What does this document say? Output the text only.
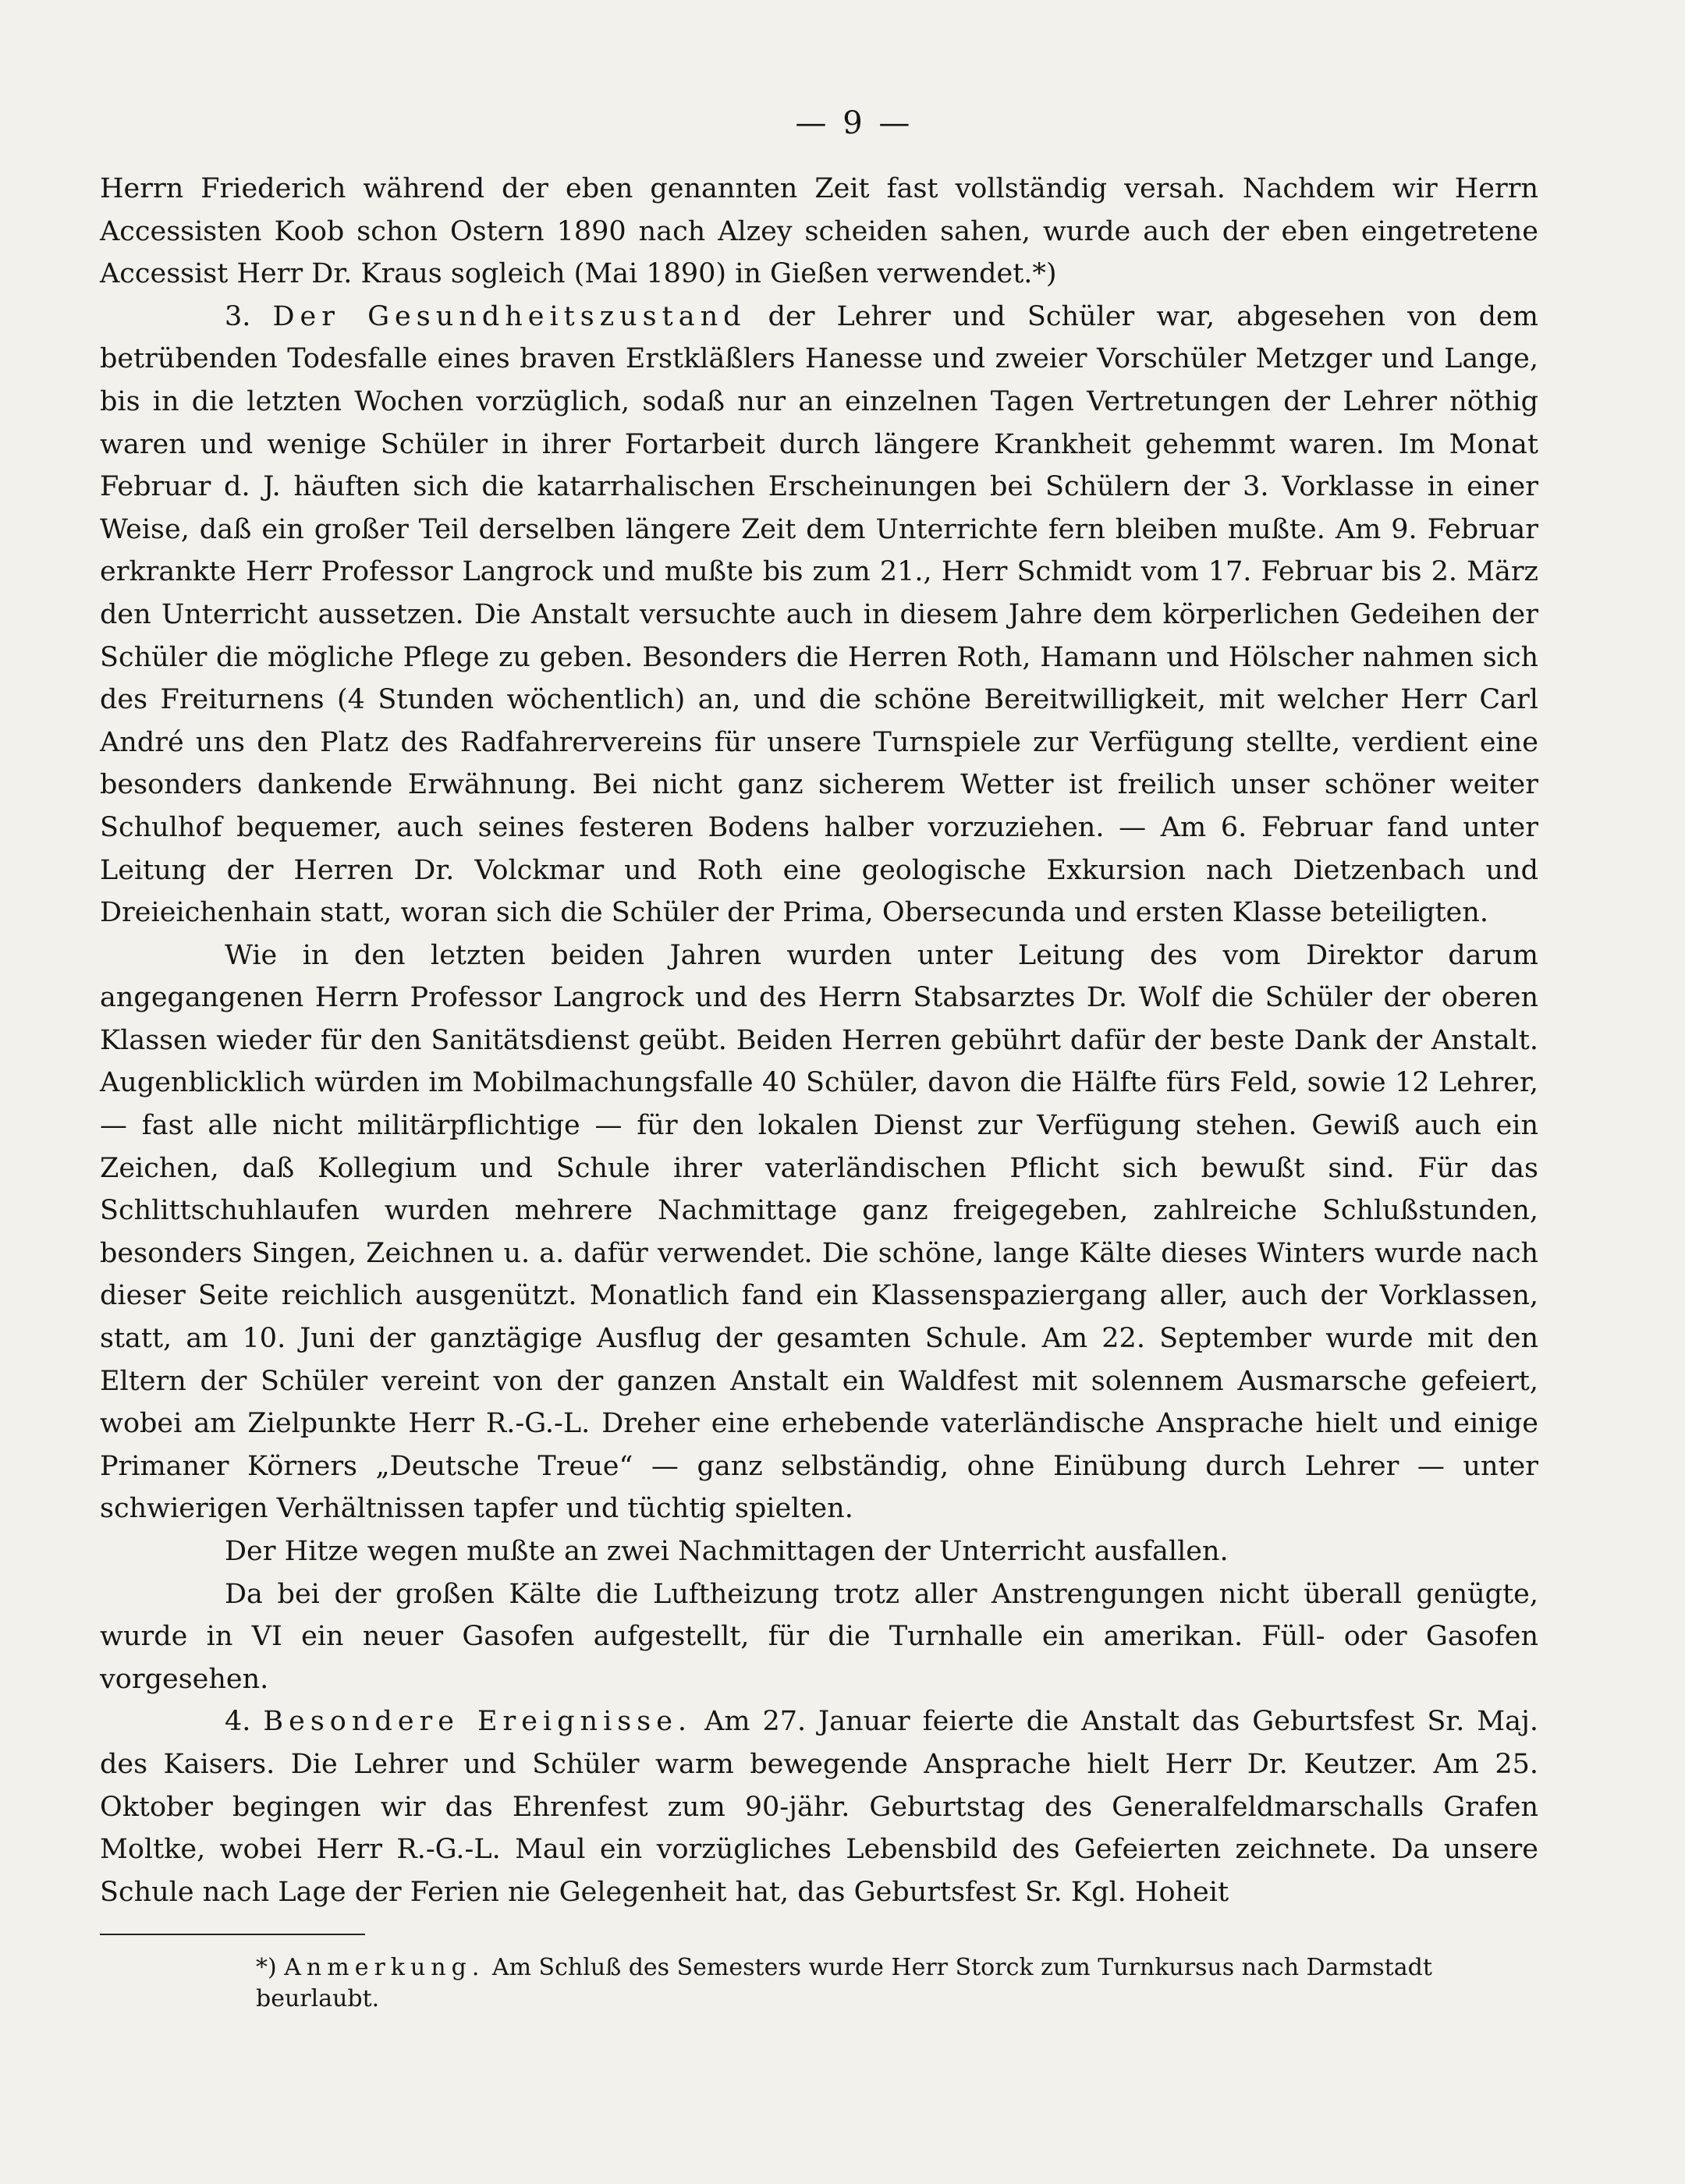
— 9 —

Herrn Friederich während der eben genannten Zeit fast vollständig versah. Nachdem wir Herrn Accessisten Koob schon Ostern 1890 nach Alzey scheiden sahen, wurde auch der eben eingetretene Accessist Herr Dr. Kraus sogleich (Mai 1890) in Gießen verwendet.*)

3. Der Gesundheitszustand der Lehrer und Schüler war, abgesehen von dem betrübenden Todesfalle eines braven Erstkläßlers Hanesse und zweier Vorschüler Metzger und Lange, bis in die letzten Wochen vorzüglich, sodaß nur an einzelnen Tagen Vertretungen der Lehrer nöthig waren und wenige Schüler in ihrer Fortarbeit durch längere Krankheit gehemmt waren. Im Monat Februar d. J. häuften sich die katarrhalischen Erscheinungen bei Schülern der 3. Vorklasse in einer Weise, daß ein großer Teil derselben längere Zeit dem Unterrichte fern bleiben mußte. Am 9. Februar erkrankte Herr Professor Langrock und mußte bis zum 21., Herr Schmidt vom 17. Februar bis 2. März den Unterricht aussetzen. Die Anstalt versuchte auch in diesem Jahre dem körperlichen Gedeihen der Schüler die mögliche Pflege zu geben. Besonders die Herren Roth, Hamann und Hölscher nahmen sich des Freiturnens (4 Stunden wöchentlich) an, und die schöne Bereitwilligkeit, mit welcher Herr Carl André uns den Platz des Radfahrervereins für unsere Turnspiele zur Verfügung stellte, verdient eine besonders dankende Erwähnung. Bei nicht ganz sicherem Wetter ist freilich unser schöner weiter Schulhof bequemer, auch seines festeren Bodens halber vorzuziehen. — Am 6. Februar fand unter Leitung der Herren Dr. Volckmar und Roth eine geologische Exkursion nach Dietzenbach und Dreieichenhain statt, woran sich die Schüler der Prima, Obersecunda und ersten Klasse beteiligten.

Wie in den letzten beiden Jahren wurden unter Leitung des vom Direktor darum angegangenen Herrn Professor Langrock und des Herrn Stabsarztes Dr. Wolf die Schüler der oberen Klassen wieder für den Sanitätsdienst geübt. Beiden Herren gebührt dafür der beste Dank der Anstalt. Augenblicklich würden im Mobilmachungsfalle 40 Schüler, davon die Hälfte fürs Feld, sowie 12 Lehrer, — fast alle nicht militärpflichtige — für den lokalen Dienst zur Verfügung stehen. Gewiß auch ein Zeichen, daß Kollegium und Schule ihrer vaterländischen Pflicht sich bewußt sind. Für das Schlittschuhlaufen wurden mehrere Nachmittage ganz freigegeben, zahlreiche Schlußstunden, besonders Singen, Zeichnen u. a. dafür verwendet. Die schöne, lange Kälte dieses Winters wurde nach dieser Seite reichlich ausgenützt. Monatlich fand ein Klassenspaziergang aller, auch der Vorklassen, statt, am 10. Juni der ganztägige Ausflug der gesamten Schule. Am 22. September wurde mit den Eltern der Schüler vereint von der ganzen Anstalt ein Waldfest mit solennem Ausmarsche gefeiert, wobei am Zielpunkte Herr R.-G.-L. Dreher eine erhebende vaterländische Ansprache hielt und einige Primaner Körners „Deutsche Treue“ — ganz selbständig, ohne Einübung durch Lehrer — unter schwierigen Verhältnissen tapfer und tüchtig spielten.

Der Hitze wegen mußte an zwei Nachmittagen der Unterricht ausfallen.

Da bei der großen Kälte die Luftheizung trotz aller Anstrengungen nicht überall genügte, wurde in VI ein neuer Gasofen aufgestellt, für die Turnhalle ein amerikan. Füll- oder Gasofen vorgesehen.

4. Besondere Ereignisse. Am 27. Januar feierte die Anstalt das Geburtsfest Sr. Maj. des Kaisers. Die Lehrer und Schüler warm bewegende Ansprache hielt Herr Dr. Keutzer. Am 25. Oktober begingen wir das Ehrenfest zum 90-jähr. Geburtstag des Generalfeldmarschalls Grafen Moltke, wobei Herr R.-G.-L. Maul ein vorzügliches Lebensbild des Gefeierten zeichnete. Da unsere Schule nach Lage der Ferien nie Gelegenheit hat, das Geburtsfest Sr. Kgl. Hoheit

*) Anmerkung. Am Schluß des Semesters wurde Herr Storck zum Turnkursus nach Darmstadt beurlaubt.
